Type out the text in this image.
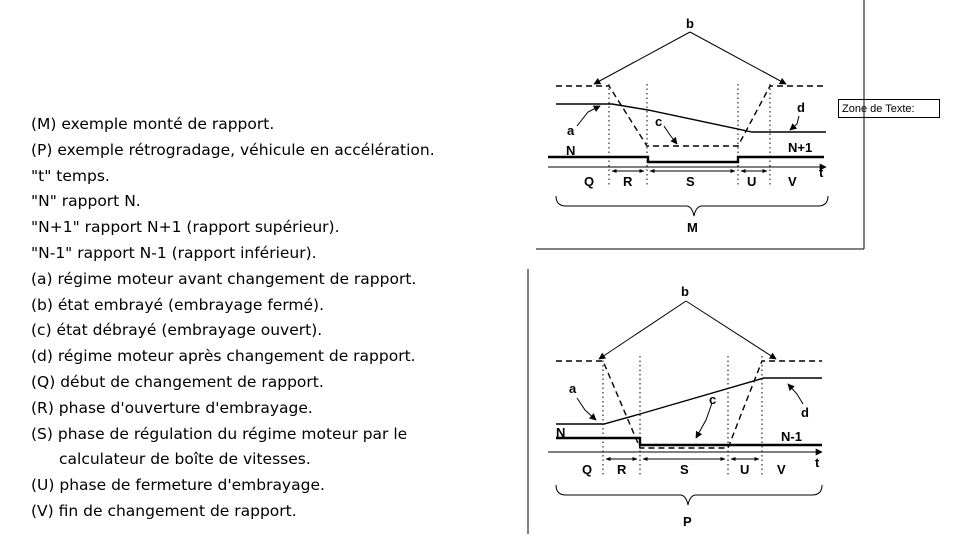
(M) exemple monté de rapport.
(P) exemple rétrogradage, véhicule en accélération.
"t" temps.
"N" rapport N.
"N+1" rapport N+1 (rapport supérieur).
"N-1" rapport N-1 (rapport inférieur).
(a) régime moteur avant changement de rapport.
(b) état embrayé (embrayage fermé).
(c) état débrayé (embrayage ouvert).
(d) régime moteur après changement de rapport.
(Q) début de changement de rapport.
(R) phase d'ouverture d'embrayage.
(S) phase de régulation du régime moteur par le
calculateur de boîte de vitesses.
(U) phase de fermeture d'embrayage.
(V) fin de changement de rapport.
Zone de Texte:
b
a
c
d
N	N+1
t
Q R	S	U V
M
b
a
c
d
N	N-1
t
Q R	S	U V
P
